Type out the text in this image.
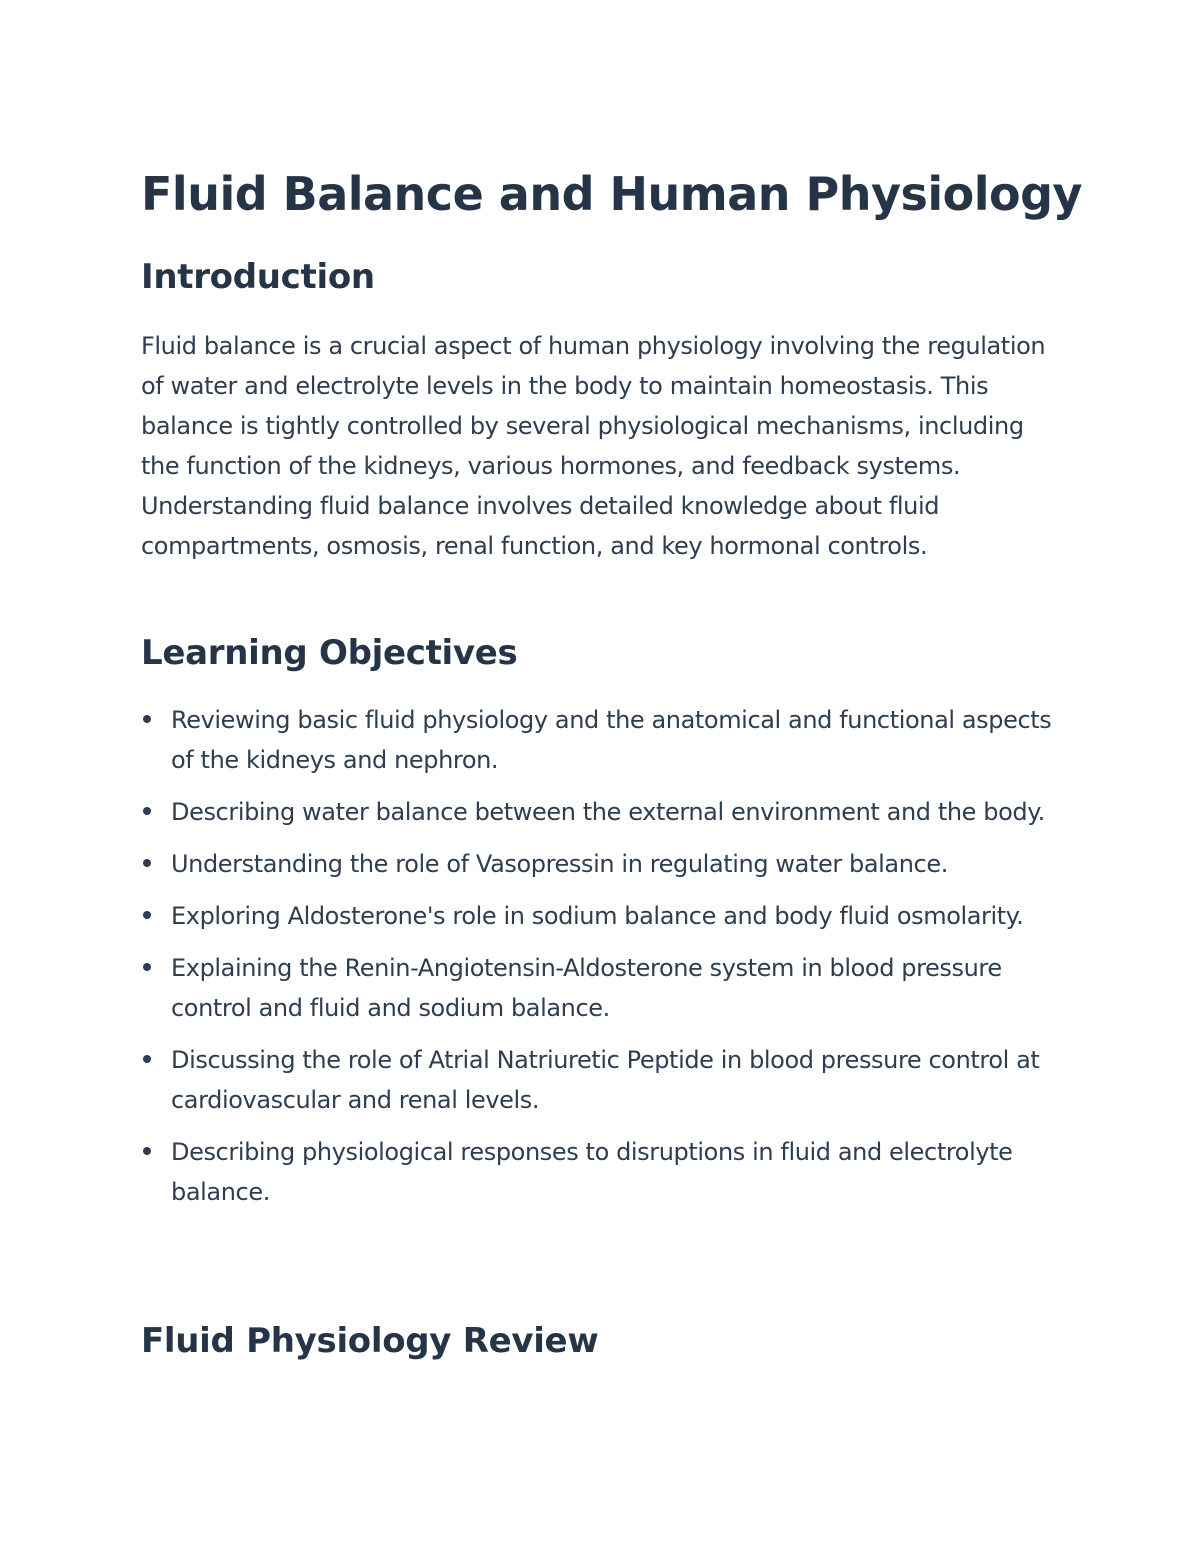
Fluid Balance and Human Physiology
Introduction

Fluid balance is a crucial aspect of human physiology involving the regulation of water and electrolyte levels in the body to maintain homeostasis. This balance is tightly controlled by several physiological mechanisms, including the function of the kidneys, various hormones, and feedback systems. Understanding fluid balance involves detailed knowledge about fluid compartments, osmosis, renal function, and key hormonal controls.

Learning Objectives
Reviewing basic fluid physiology and the anatomical and functional aspects of the kidneys and nephron.
Describing water balance between the external environment and the body.
Understanding the role of Vasopressin in regulating water balance.
Exploring Aldosterone's role in sodium balance and body fluid osmolarity.
Explaining the Renin-Angiotensin-Aldosterone system in blood pressure control and fluid and sodium balance.
Discussing the role of Atrial Natriuretic Peptide in blood pressure control at cardiovascular and renal levels.
Describing physiological responses to disruptions in fluid and electrolyte balance.
Fluid Physiology Review
